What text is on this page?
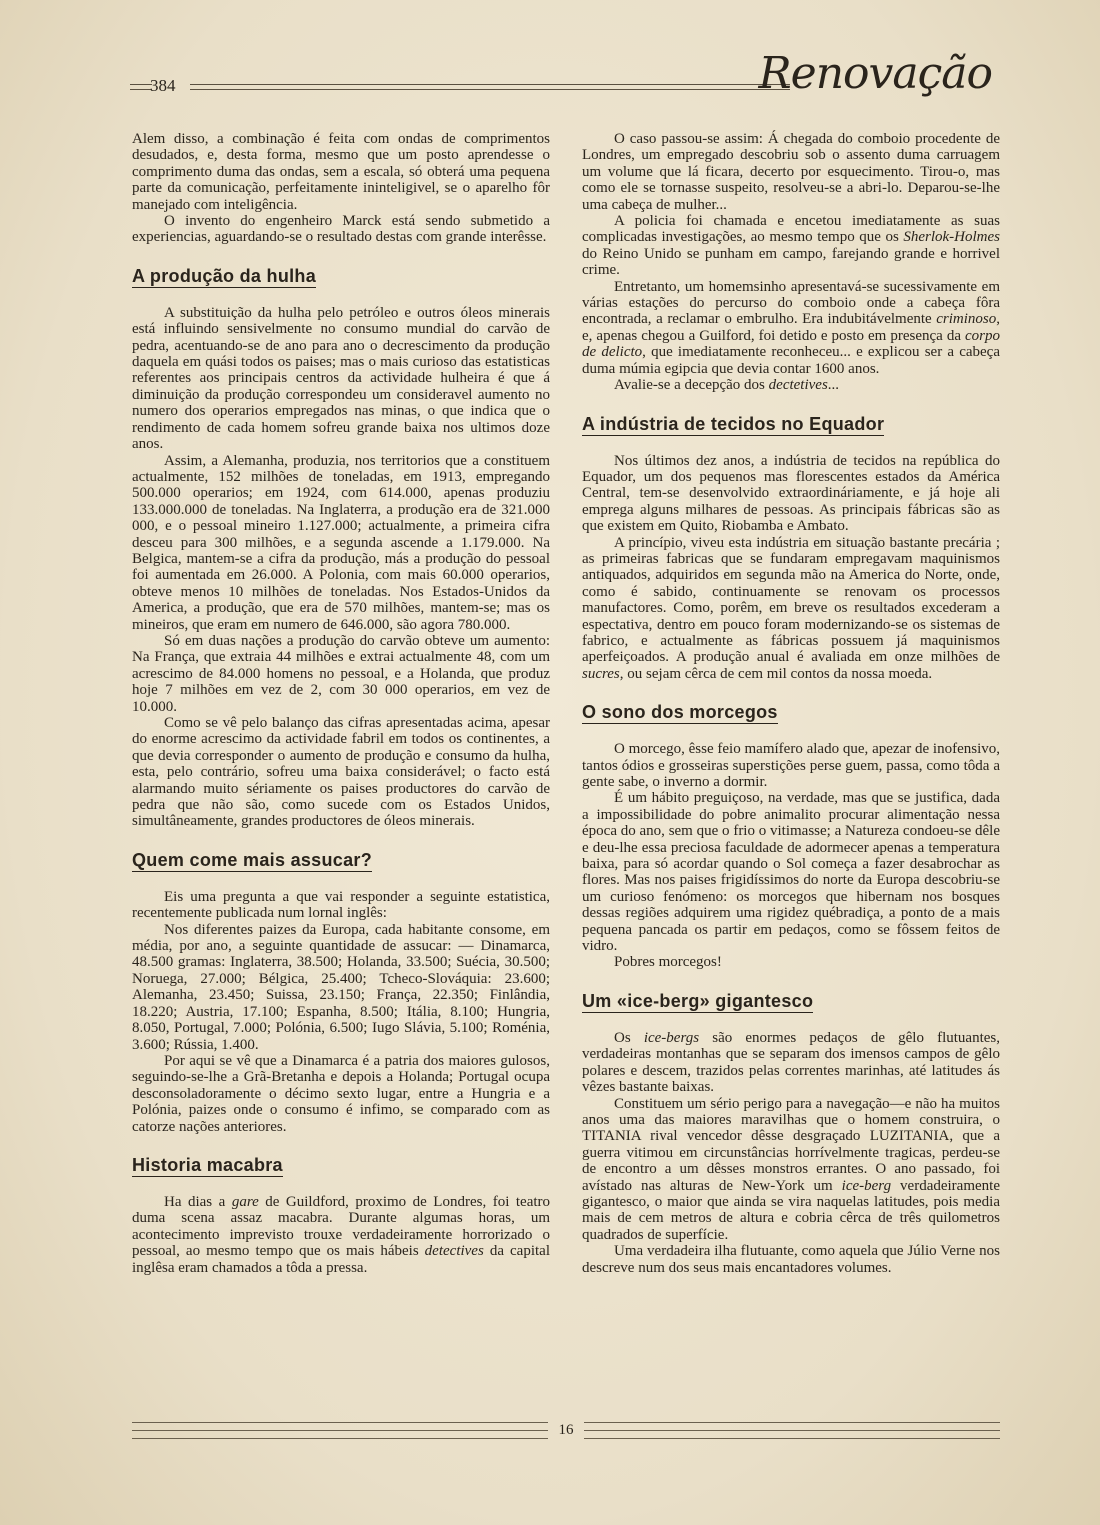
384	Renovação

Alem disso, a combinação é feita com ondas de comprimentos desudados, e, desta forma, mesmo que um posto aprendesse o comprimento duma das ondas, sem a escala, só obterá uma pequena parte da comunicação, perfeitamente ininteligivel, se o aparelho fôr manejado com inteligência.

O invento do engenheiro Marck está sendo submetido a experiencias, aguardando-se o resultado destas com grande interêsse.

A produção da hulha

A substituição da hulha pelo petróleo e outros óleos minerais está influindo sensivelmente no consumo mundial do carvão de pedra, acentuando-se de ano para ano o decrescimento da produção daquela em quási todos os paises; mas o mais curioso das estatisticas referentes aos principais centros da actividade hulheira é que á diminuição da produção correspondeu um consideravel aumento no numero dos operarios empregados nas minas, o que indica que o rendimento de cada homem sofreu grande baixa nos ultimos doze anos.

Assim, a Alemanha, produzia, nos territorios que a constituem actualmente, 152 milhões de toneladas, em 1913, empregando 500.000 operarios; em 1924, com 614.000, apenas produziu 133.000.000 de toneladas. Na Inglaterra, a produção era de 321.000 000, e o pessoal mineiro 1.127.000; actualmente, a primeira cifra desceu para 300 milhões, e a segunda ascende a 1.179.000. Na Belgica, mantem-se a cifra da produção, más a produção do pessoal foi aumentada em 26.000. A Polonia, com mais 60.000 operarios, obteve menos 10 milhões de toneladas. Nos Estados-Unidos da America, a produção, que era de 570 milhões, mantem-se; mas os mineiros, que eram em numero de 646.000, são agora 780.000.

Só em duas nações a produção do carvão obteve um aumento: Na França, que extraia 44 milhões e extrai actualmente 48, com um acrescimo de 84.000 homens no pessoal, e a Holanda, que produz hoje 7 milhões em vez de 2, com 30 000 operarios, em vez de 10.000.

Como se vê pelo balanço das cifras apresentadas acima, apesar do enorme acrescimo da actividade fabril em todos os continentes, a que devia corresponder o aumento de produção e consumo da hulha, esta, pelo contrário, sofreu uma baixa considerável; o facto está alarmando muito sériamente os paises productores do carvão de pedra que não são, como sucede com os Estados Unidos, simultâneamente, grandes productores de óleos minerais.

Quem come mais assucar?

Eis uma pregunta a que vai responder a seguinte estatistica, recentemente publicada num lornal inglês:

Nos diferentes paizes da Europa, cada habitante consome, em média, por ano, a seguinte quantidade de assucar: — Dinamarca, 48.500 gramas: Inglaterra, 38.500; Holanda, 33.500; Suécia, 30.500; Noruega, 27.000; Bélgica, 25.400; Tcheco-Slováquia: 23.600; Alemanha, 23.450; Suissa, 23.150; França, 22.350; Finlândia, 18.220; Austria, 17.100; Espanha, 8.500; Itália, 8.100; Hungria, 8.050, Portugal, 7.000; Polónia, 6.500; Iugo Slávia, 5.100; Roménia, 3.600; Rússia, 1.400.

Por aqui se vê que a Dinamarca é a patria dos maiores gulosos, seguindo-se-lhe a Grã-Bretanha e depois a Holanda; Portugal ocupa desconsoladoramente o décimo sexto lugar, entre a Hungria e a Polónia, paizes onde o consumo é infimo, se comparado com as catorze nações anteriores.

Historia macabra

Ha dias a gare de Guildford, proximo de Londres, foi teatro duma scena assaz macabra. Durante algumas horas, um acontecimento imprevisto trouxe verdadeiramente horrorizado o pessoal, ao mesmo tempo que os mais hábeis detectives da capital inglêsa eram chamados a tôda a pressa.

O caso passou-se assim: Á chegada do comboio procedente de Londres, um empregado descobriu sob o assento duma carruagem um volume que lá ficara, decerto por esquecimento. Tirou-o, mas como ele se tornasse suspeito, resolveu-se a abri-lo. Deparou-se-lhe uma cabeça de mulher...

A policia foi chamada e encetou imediatamente as suas complicadas investigações, ao mesmo tempo que os Sherlok-Holmes do Reino Unido se punham em campo, farejando grande e horrivel crime.

Entretanto, um homemsinho apresentavá-se sucessivamente em várias estações do percurso do comboio onde a cabeça fôra encontrada, a reclamar o embrulho. Era indubitávelmente criminoso, e, apenas chegou a Guilford, foi detido e posto em presença da corpo de delicto, que imediatamente reconheceu... e explicou ser a cabeça duma múmia egipcia que devia contar 1600 anos.

Avalie-se a decepção dos dectetives...

A indústria de tecidos no Equador

Nos últimos dez anos, a indústria de tecidos na república do Equador, um dos pequenos mas florescentes estados da América Central, tem-se desenvolvido extraordináriamente, e já hoje ali emprega alguns milhares de pessoas. As principais fábricas são as que existem em Quito, Riobamba e Ambato.

A princípio, viveu esta indústria em situação bastante precária ; as primeiras fabricas que se fundaram empregavam maquinismos antiquados, adquiridos em segunda mão na America do Norte, onde, como é sabido, continuamente se renovam os processos manufactores. Como, porêm, em breve os resultados excederam a espectativa, dentro em pouco foram modernizando-se os sistemas de fabrico, e actualmente as fábricas possuem já maquinismos aperfeiçoados. A produção anual é avaliada em onze milhões de sucres, ou sejam cêrca de cem mil contos da nossa moeda.

O sono dos morcegos

O morcego, êsse feio mamífero alado que, apezar de inofensivo, tantos ódios e grosseiras superstições perse guem, passa, como tôda a gente sabe, o inverno a dormir.

É um hábito preguiçoso, na verdade, mas que se justifica, dada a impossibilidade do pobre animalito procurar alimentação nessa época do ano, sem que o frio o vitimasse; a Natureza condoeu-se dêle e deu-lhe essa preciosa faculdade de adormecer apenas a temperatura baixa, para só acordar quando o Sol começa a fazer desabrochar as flores. Mas nos paises frigidíssimos do norte da Europa descobriu-se um curioso fenómeno: os morcegos que hibernam nos bosques dessas regiões adquirem uma rigidez québradiça, a ponto de a mais pequena pancada os partir em pedaços, como se fôssem feitos de vidro.

Pobres morcegos!

Um «ice-berg» gigantesco

Os ice-bergs são enormes pedaços de gêlo flutuantes, verdadeiras montanhas que se separam dos imensos campos de gêlo polares e descem, trazidos pelas correntes marinhas, até latitudes ás vêzes bastante baixas.

Constituem um sério perigo para a navegação—e não ha muitos anos uma das maiores maravilhas que o homem construira, o TITANIA rival vencedor dêsse desgraçado LUZITANIA, que a guerra vitimou em circunstâncias horrívelmente tragicas, perdeu-se de encontro a um dêsses monstros errantes. O ano passado, foi avístado nas alturas de New-York um ice-berg verdadeiramente gigantesco, o maior que ainda se vira naquelas latitudes, pois media mais de cem metros de altura e cobria cêrca de três quilometros quadrados de superfície.

Uma verdadeira ilha flutuante, como aquela que Júlio Verne nos descreve num dos seus mais encantadores volumes.

16
